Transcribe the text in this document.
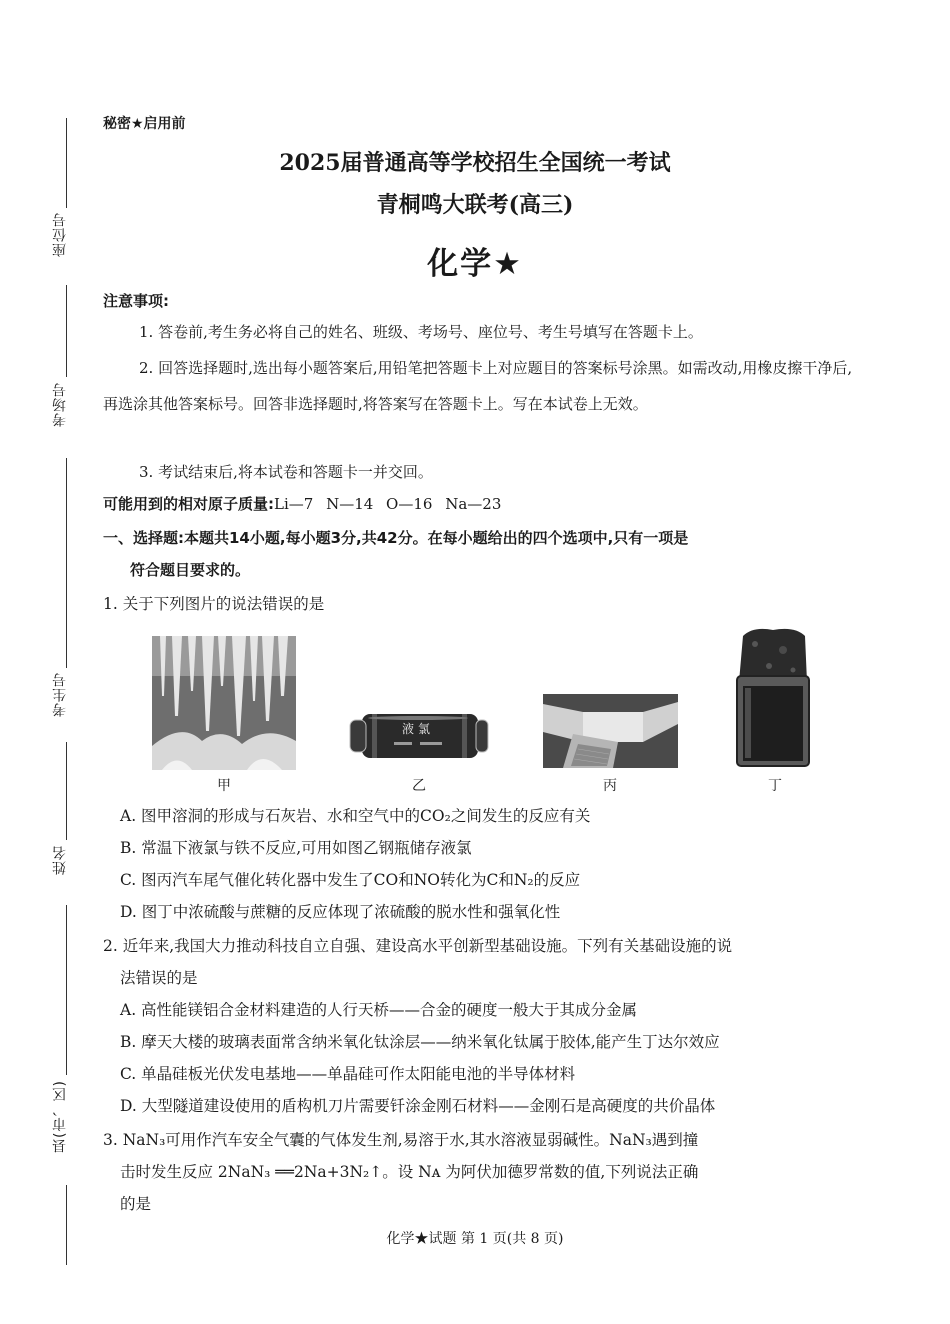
座位号
考场号
考生号
姓名
县(市、区)
秘密★启用前
2025届普通高等学校招生全国统一考试
青桐鸣大联考(高三)
化学★
注意事项:
1. 答卷前,考生务必将自己的姓名、班级、考场号、座位号、考生号填写在答题卡上。
2. 回答选择题时,选出每小题答案后,用铅笔把答题卡上对应题目的答案标号涂黑。如需改动,用橡皮擦干净后,再选涂其他答案标号。回答非选择题时,将答案写在答题卡上。写在本试卷上无效。
3. 考试结束后,将本试卷和答题卡一并交回。
可能用到的相对原子质量:Li—7 N—14 O—16 Na—23
一、选择题:本题共14小题,每小题3分,共42分。在每小题给出的四个选项中,只有一项是
符合题目要求的。
1. 关于下列图片的说法错误的是
甲
液氯
乙	丙	丁
A. 图甲溶洞的形成与石灰岩、水和空气中的CO₂之间发生的反应有关
B. 常温下液氯与铁不反应,可用如图乙钢瓶储存液氯
C. 图丙汽车尾气催化转化器中发生了CO和NO转化为C和N₂的反应
D. 图丁中浓硫酸与蔗糖的反应体现了浓硫酸的脱水性和强氧化性
2. 近年来,我国大力推动科技自立自强、建设高水平创新型基础设施。下列有关基础设施的说
法错误的是
A. 高性能镁铝合金材料建造的人行天桥——合金的硬度一般大于其成分金属
B. 摩天大楼的玻璃表面常含纳米氧化钛涂层——纳米氧化钛属于胶体,能产生丁达尔效应
C. 单晶硅板光伏发电基地——单晶硅可作太阳能电池的半导体材料
D. 大型隧道建设使用的盾构机刀片需要钎涂金刚石材料——金刚石是高硬度的共价晶体
3. NaN₃可用作汽车安全气囊的气体发生剂,易溶于水,其水溶液显弱碱性。NaN₃遇到撞
击时发生反应 2NaN₃ ══2Na+3N₂↑。设 Nᴀ 为阿伏加德罗常数的值,下列说法正确
的是
化学★试题 第 1 页(共 8 页)
